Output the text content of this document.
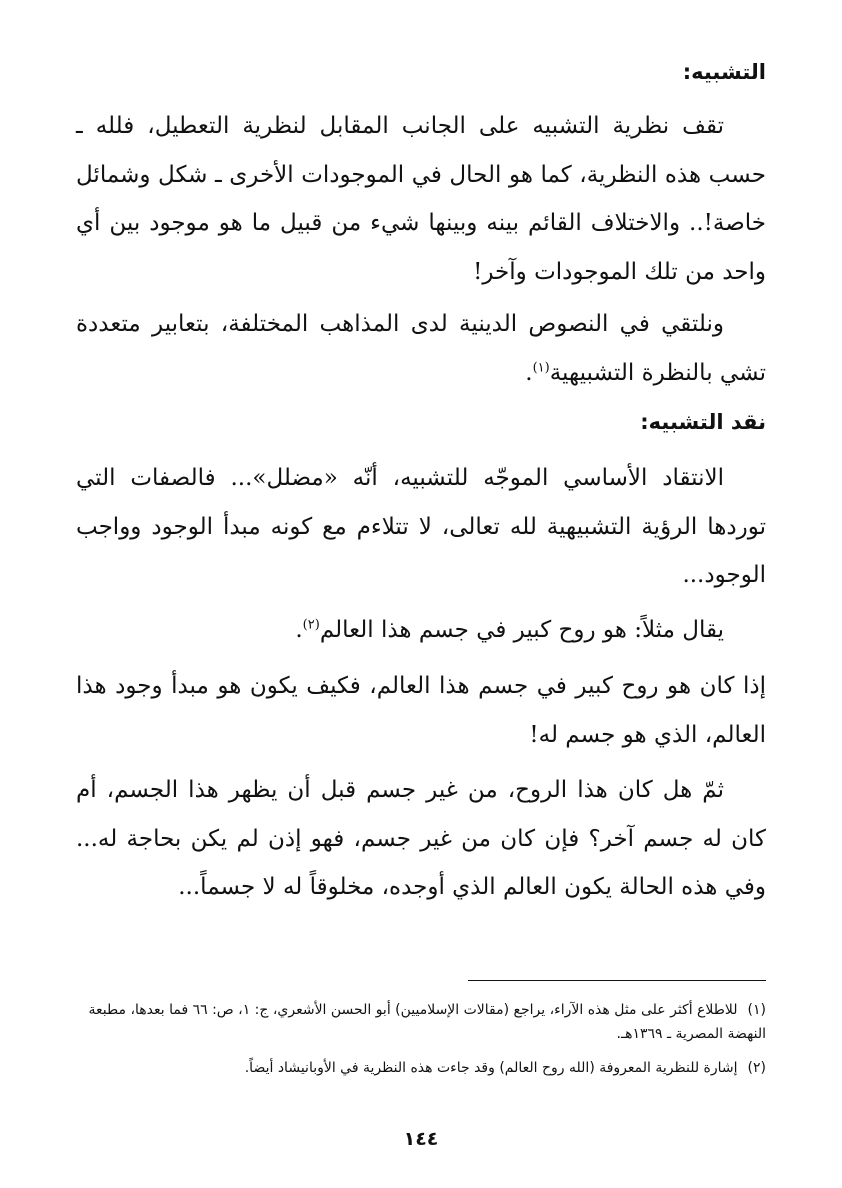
التشبيه:
تقف نظرية التشبيه على الجانب المقابل لنظرية التعطيل، فلله ـ حسب هذه النظرية، كما هو الحال في الموجودات الأخرى ـ شكل وشمائل خاصة!.. والاختلاف القائم بينه وبينها شيء من قبيل ما هو موجود بين أي واحد من تلك الموجودات وآخر!
ونلتقي في النصوص الدينية لدى المذاهب المختلفة، بتعابير متعددة تشي بالنظرة التشبيهية$^{(١)}$.
نقد التشبيه:
الانتقاد الأساسي الموجّه للتشبيه، أنّه «مضلل»... فالصفات التي توردها الرؤية التشبيهية لله تعالى، لا تتلاءم مع كونه مبدأ الوجود وواجب الوجود...
يقال مثلاً: هو روح كبير في جسم هذا العالم$^{(٢)}$.
إذا كان هو روح كبير في جسم هذا العالم، فكيف يكون هو مبدأ وجود هذا العالم، الذي هو جسم له!
ثمّ هل كان هذا الروح، من غير جسم قبل أن يظهر هذا الجسم، أم كان له جسم آخر؟ فإن كان من غير جسم، فهو إذن لم يكن بحاجة له... وفي هذه الحالة يكون العالم الذي أوجده، مخلوقاً له لا جسماً...
(١)للاطلاع أكثر على مثل هذه الآراء، يراجع (مقالات الإسلاميين) أبو الحسن الأشعري، ج: ١، ص: ٦٦ فما بعدها، مطبعة النهضة المصرية ـ ١٣٦٩هـ.
(٢)إشارة للنظرية المعروفة (الله روح العالم) وقد جاءت هذه النظرية في الأوبانيشاد أيضاً.
١٤٤
